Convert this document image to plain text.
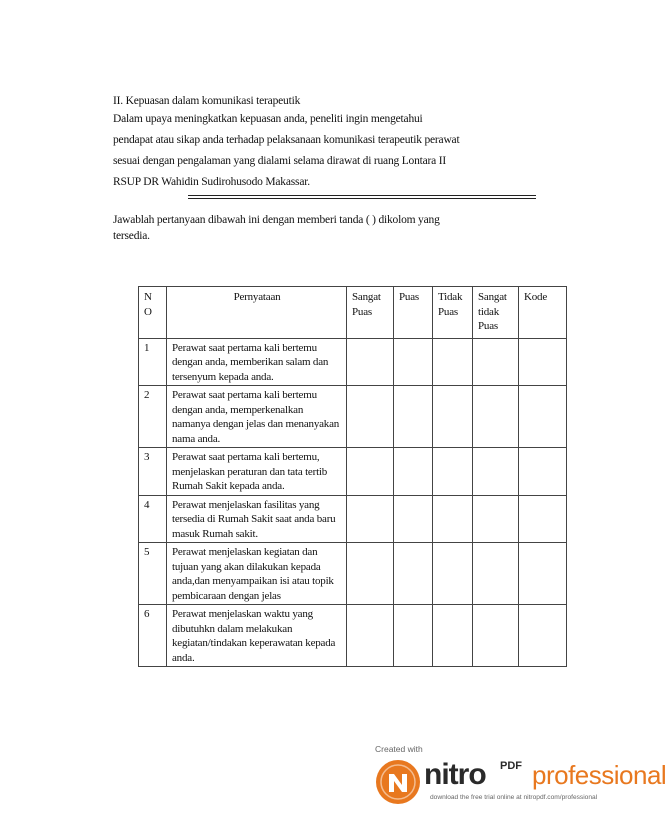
II. Kepuasan dalam komunikasi terapeutik
Dalam upaya meningkatkan kepuasan anda, peneliti ingin mengetahui
pendapat atau sikap anda terhadap pelaksanaan komunikasi terapeutik perawat
sesuai dengan pengalaman yang dialami selama dirawat di ruang Lontara II
RSUP DR Wahidin Sudirohusodo Makassar.
Jawablah pertanyaan dibawah ini dengan memberi tanda ( ) dikolom yang
tersedia.
N O	Pernyataan	Sangat Puas	Puas	Tidak Puas	Sangat tidak Puas	Kode
1	Perawat saat pertama kali bertemu dengan anda, memberikan salam dan tersenyum kepada anda.					
2	Perawat saat pertama kali bertemu dengan anda, memperkenalkan namanya dengan jelas dan menanyakan nama anda.					
3	Perawat saat pertama kali bertemu, menjelaskan peraturan dan tata tertib Rumah Sakit kepada anda.					
4	Perawat menjelaskan fasilitas yang tersedia di Rumah Sakit saat anda baru masuk Rumah sakit.					
5	Perawat menjelaskan kegiatan dan tujuan yang akan dilakukan kepada anda,dan menyampaikan isi atau topik pembicaraan dengan jelas					
6	Perawat menjelaskan waktu yang dibutuhkn dalam melakukan kegiatan/tindakan keperawatan kepada anda.					
Created with
nitro PDF professional
download the free trial online at nitropdf.com/professional
